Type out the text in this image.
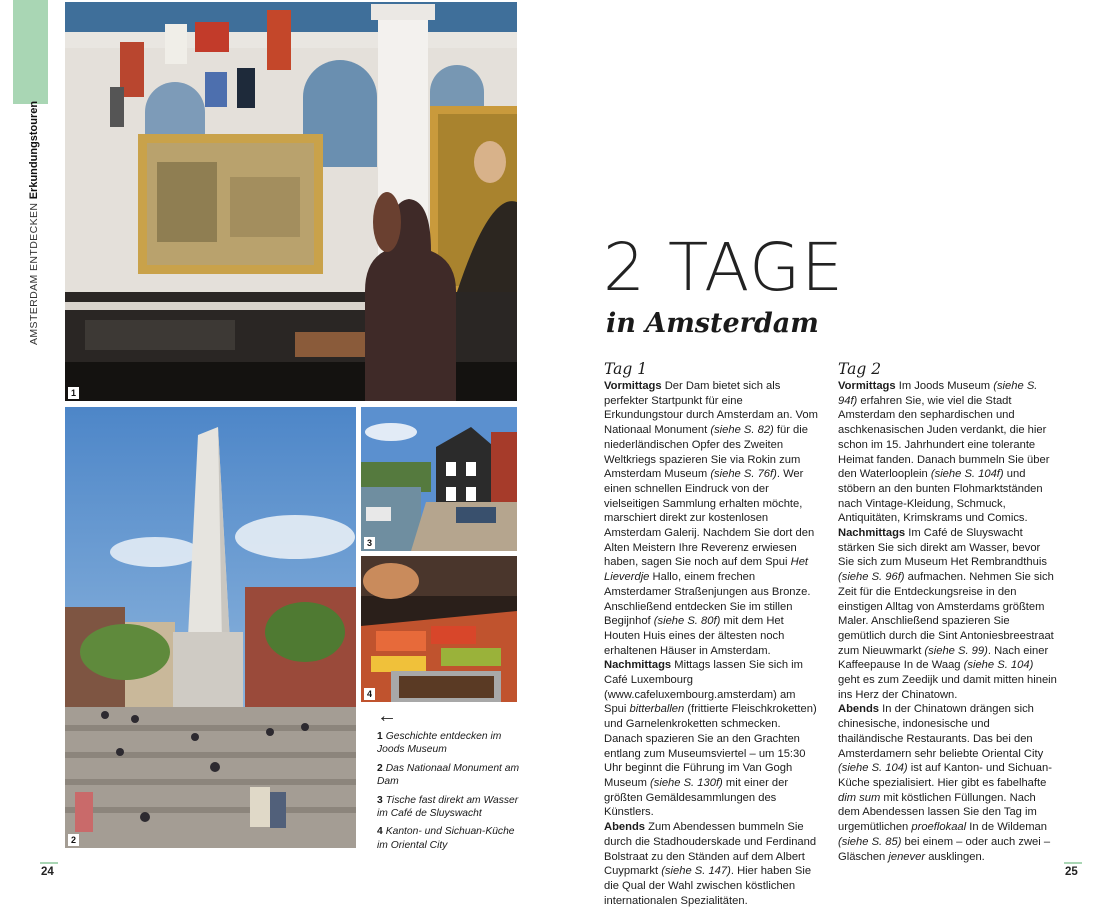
AMSTERDAM ENTDECKEN Erkundungstouren
1
2
3
4
←
1 Geschichte entdecken im Joods Museum
2 Das Nationaal Monument am Dam
3 Tische fast direkt am Wasser im Café de Sluyswacht
4 Kanton- und Sichuan-Küche im Oriental City
2 TAGE
in Amsterdam
Tag 1

Vormittags Der Dam bietet sich als perfekter Startpunkt für eine Erkundungstour durch Amsterdam an. Vom Nationaal Monument (siehe S. 82) für die niederländischen Opfer des Zweiten Weltkriegs spazieren Sie via Rokin zum Amsterdam Museum (siehe S. 76f). Wer einen schnellen Eindruck von der vielseitigen Sammlung erhalten möchte, marschiert direkt zur kostenlosen Amsterdam Galerij. Nachdem Sie dort den Alten Meistern Ihre Reverenz erwiesen haben, sagen Sie noch auf dem Spui Het Lieverdje Hallo, einem frechen Amsterdamer Straßenjungen aus Bronze. Anschließend entdecken Sie im stillen Begijnhof (siehe S. 80f) mit dem Het Houten Huis eines der ältesten noch erhaltenen Häuser in Amsterdam.

Nachmittags Mittags lassen Sie sich im Café Luxembourg (www.cafeluxembourg.amsterdam) am Spui bitterballen (frittierte Fleischkroketten) und Garnelenkroketten schmecken. Danach spazieren Sie an den Grachten entlang zum Museumsviertel – um 15:30 Uhr beginnt die Führung im Van Gogh Museum (siehe S. 130f) mit einer der größten Gemäldesammlungen des Künstlers.

Abends Zum Abendessen bummeln Sie durch die Stadhouderskade und Ferdinand Bolstraat zu den Ständen auf dem Albert Cuypmarkt (siehe S. 147). Hier haben Sie die Qual der Wahl zwischen köstlichen internationalen Spezialitäten.

Tag 2

Vormittags Im Joods Museum (siehe S. 94f) erfahren Sie, wie viel die Stadt Amsterdam den sephardischen und aschkenasischen Juden verdankt, die hier schon im 15. Jahrhundert eine tolerante Heimat fanden. Danach bummeln Sie über den Waterlooplein (siehe S. 104f) und stöbern an den bunten Flohmarktständen nach Vintage-Kleidung, Schmuck, Antiquitäten, Krimskrams und Comics.

Nachmittags Im Café de Sluyswacht stärken Sie sich direkt am Wasser, bevor Sie sich zum Museum Het Rembrandthuis (siehe S. 96f) aufmachen. Nehmen Sie sich Zeit für die Entdeckungsreise in den einstigen Alltag von Amsterdams größtem Maler. Anschließend spazieren Sie gemütlich durch die Sint Antoniesbreestraat zum Nieuwmarkt (siehe S. 99). Nach einer Kaffeepause In de Waag (siehe S. 104) geht es zum Zeedijk und damit mitten hinein ins Herz der Chinatown.

Abends In der Chinatown drängen sich chinesische, indonesische und thailändische Restaurants. Das bei den Amsterdamern sehr beliebte Oriental City (siehe S. 104) ist auf Kanton- und Sichuan-Küche spezialisiert. Hier gibt es fabelhafte dim sum mit köstlichen Füllungen. Nach dem Abendessen lassen Sie den Tag im urgemütlichen proeflokaal In de Wildeman (siehe S. 85) bei einem – oder auch zwei – Gläschen jenever ausklingen.

24	25
